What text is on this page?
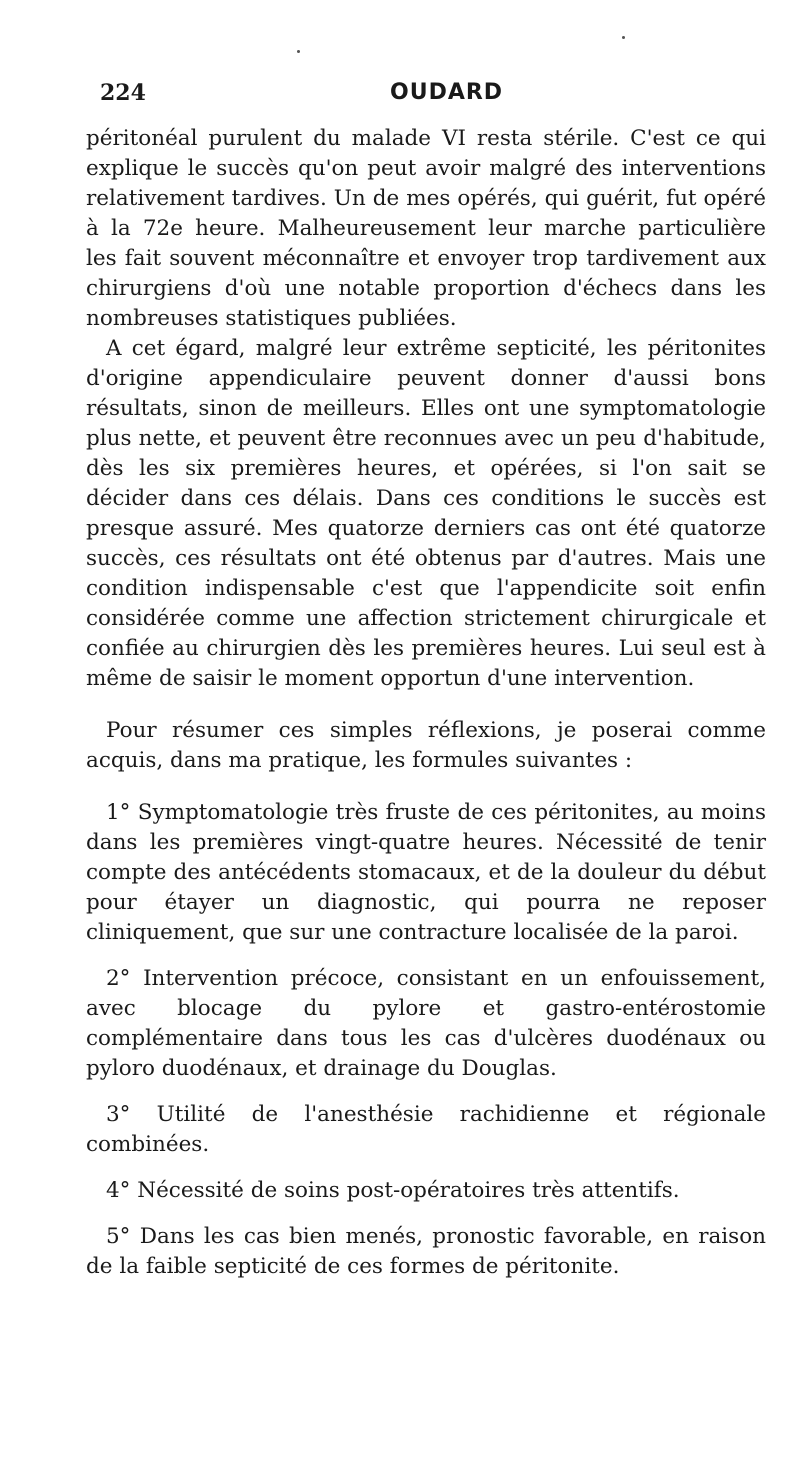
224	OUDARD

péritonéal purulent du malade VI resta stérile. C'est ce qui explique le succès qu'on peut avoir malgré des interventions relativement tardives. Un de mes opérés, qui guérit, fut opéré à la 72e heure. Malheureusement leur marche particulière les fait souvent méconnaître et envoyer trop tardivement aux chirurgiens d'où une notable proportion d'échecs dans les nombreuses statistiques publiées.

A cet égard, malgré leur extrême septicité, les péritonites d'origine appendiculaire peuvent donner d'aussi bons résultats, sinon de meilleurs. Elles ont une symptomatologie plus nette, et peuvent être reconnues avec un peu d'habitude, dès les six premières heures, et opérées, si l'on sait se décider dans ces délais. Dans ces conditions le succès est presque assuré. Mes quatorze derniers cas ont été quatorze succès, ces résultats ont été obtenus par d'autres. Mais une condition indispensable c'est que l'appendicite soit enfin considérée comme une affection strictement chirurgicale et confiée au chirurgien dès les premières heures. Lui seul est à même de saisir le moment opportun d'une intervention.

Pour résumer ces simples réflexions, je poserai comme acquis, dans ma pratique, les formules suivantes :

1° Symptomatologie très fruste de ces péritonites, au moins dans les premières vingt-quatre heures. Nécessité de tenir compte des antécédents stomacaux, et de la douleur du début pour étayer un diagnostic, qui pourra ne reposer cliniquement, que sur une contracture localisée de la paroi.

2° Intervention précoce, consistant en un enfouissement, avec blocage du pylore et gastro-entérostomie complémentaire dans tous les cas d'ulcères duodénaux ou pyloro duodénaux, et drainage du Douglas.

3° Utilité de l'anesthésie rachidienne et régionale combinées.

4° Nécessité de soins post-opératoires très attentifs.

5° Dans les cas bien menés, pronostic favorable, en raison de la faible septicité de ces formes de péritonite.
